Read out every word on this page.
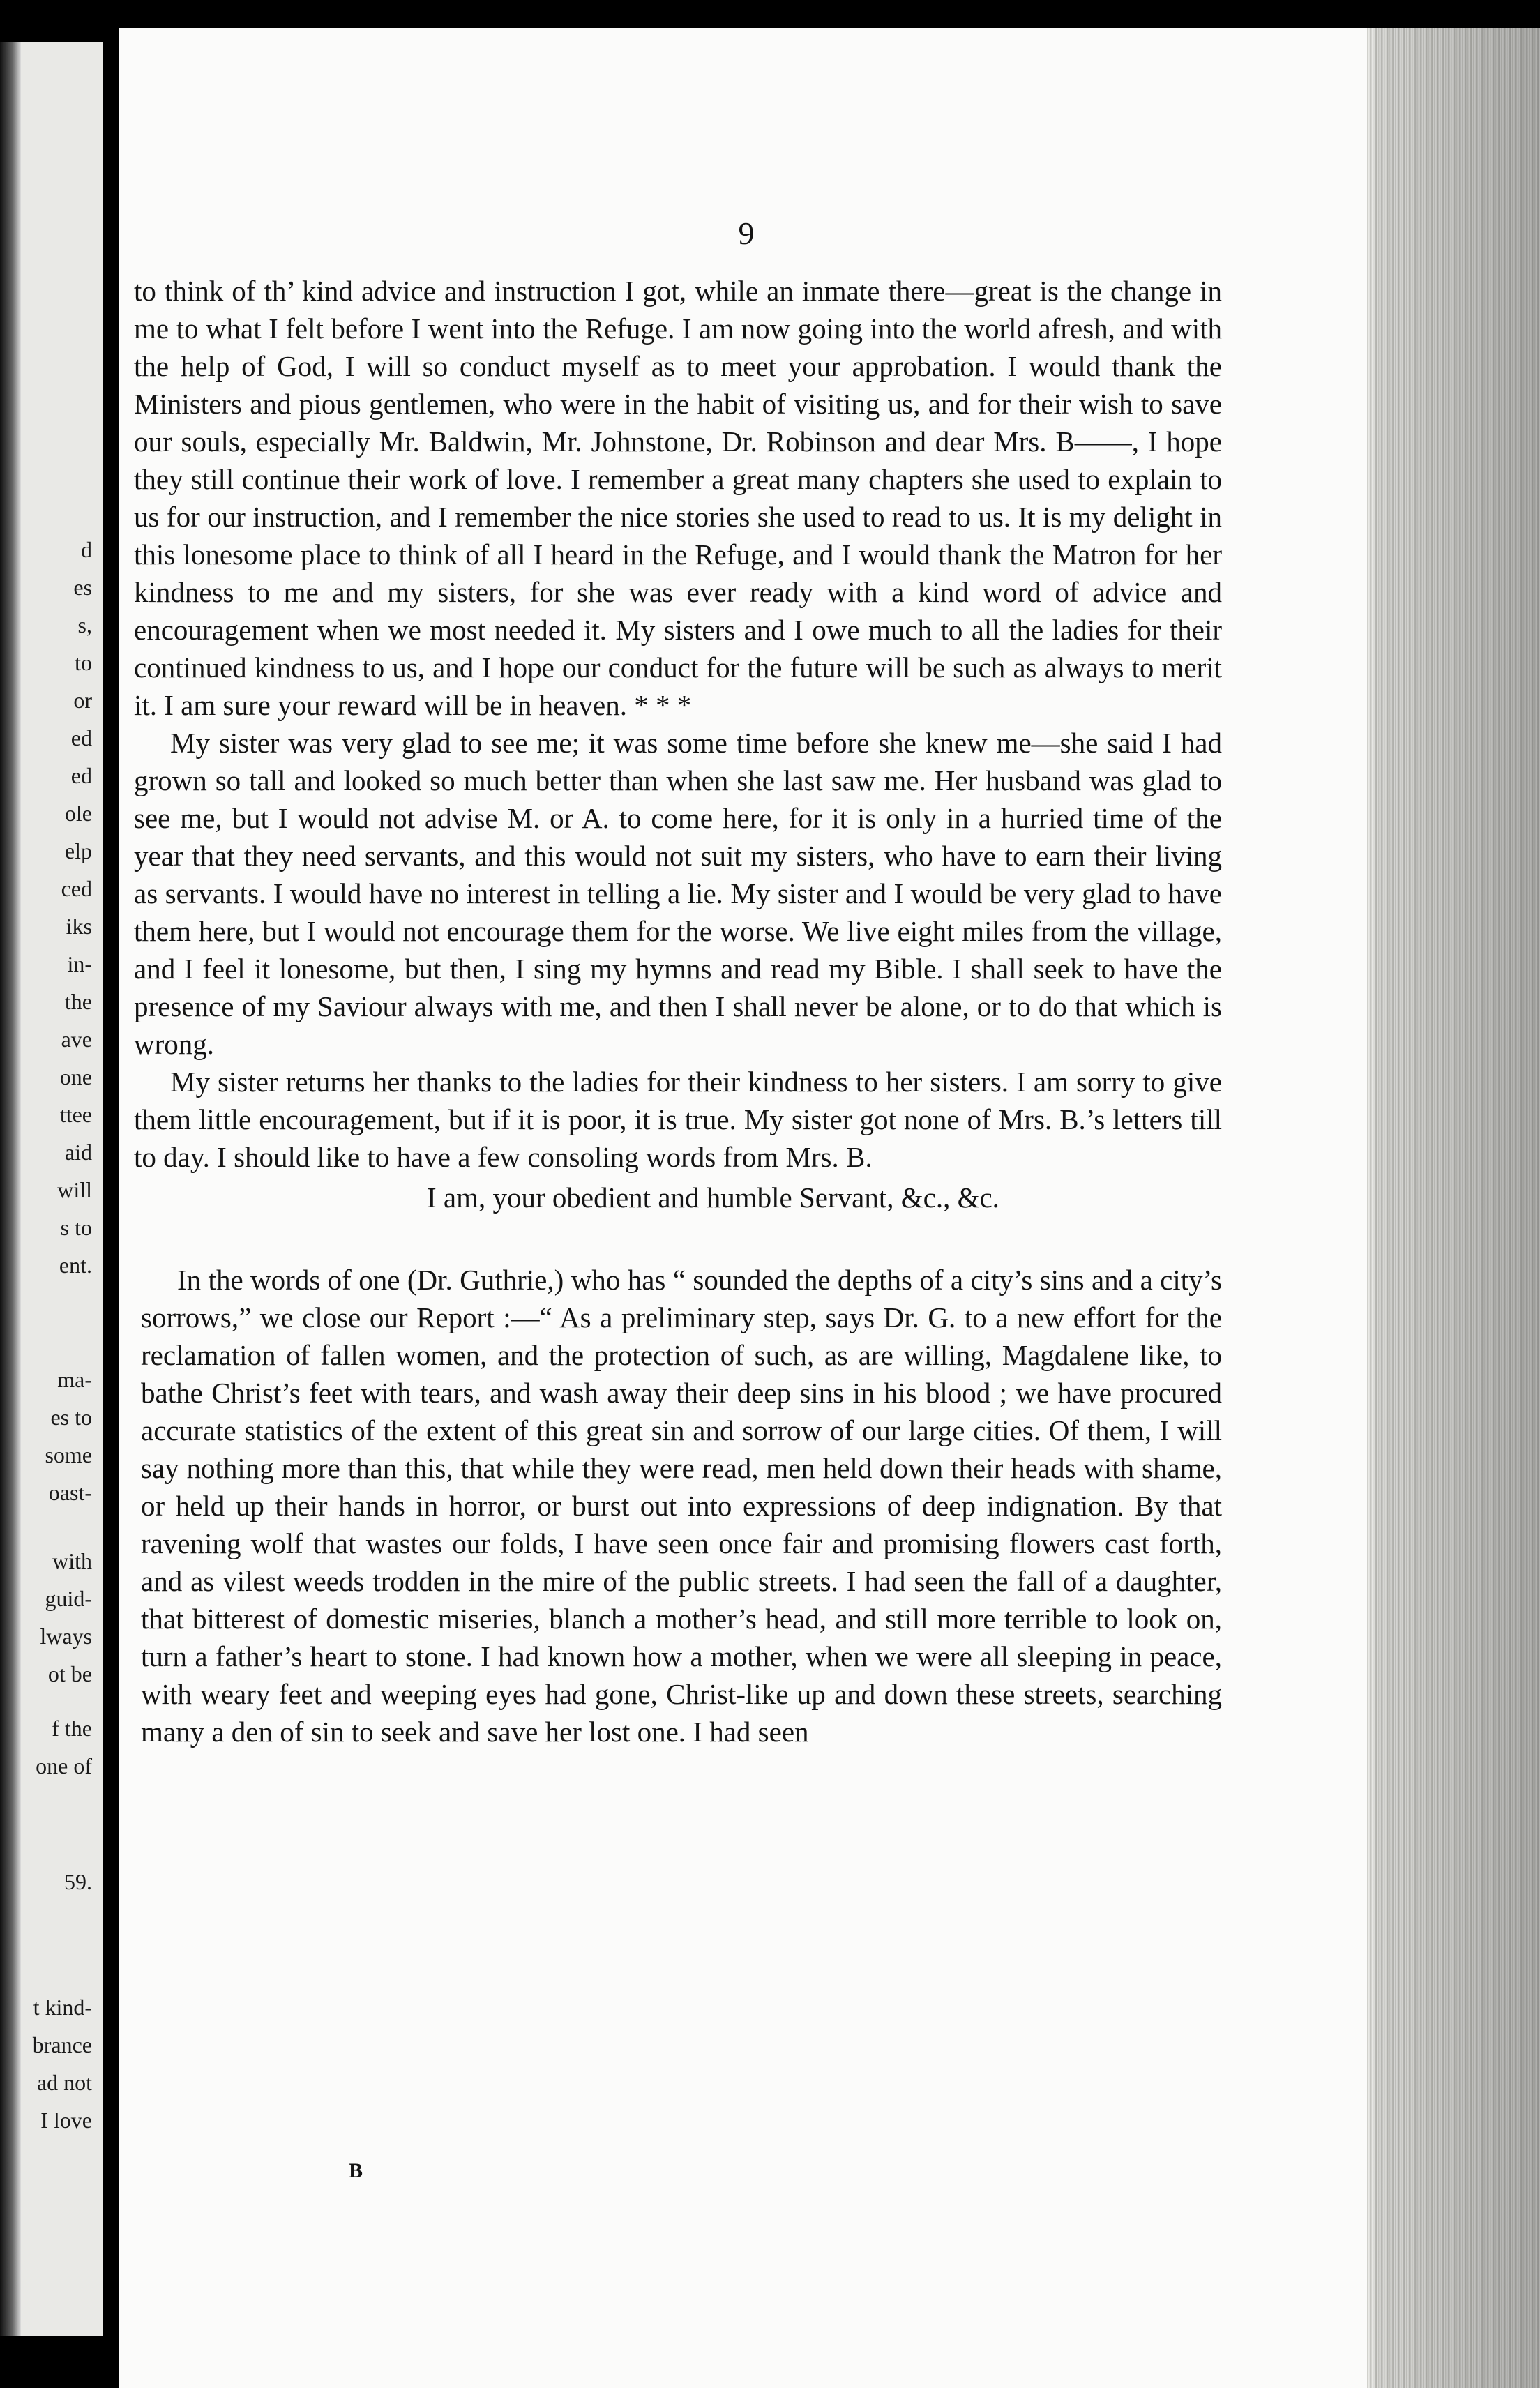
d
es
s,
to
or
ed
ed
ole
elp
ced
iks
in-
the
ave
one
ttee
aid
will
s to
ent.
ma-
es to
some
oast-
with
guid-
lways
ot be
f the
one of
59.
t kind-
brance
ad not
I love
9

to think of th’ kind advice and instruction I got, while an inmate there—great is the change in me to what I felt before I went into the Refuge. I am now going into the world afresh, and with the help of God, I will so conduct myself as to meet your approbation. I would thank the Ministers and pious gentlemen, who were in the habit of visiting us, and for their wish to save our souls, especially Mr. Baldwin, Mr. Johnstone, Dr. Robinson and dear Mrs. B——, I hope they still continue their work of love. I remember a great many chapters she used to explain to us for our instruction, and I remember the nice stories she used to read to us. It is my delight in this lonesome place to think of all I heard in the Refuge, and I would thank the Matron for her kindness to me and my sisters, for she was ever ready with a kind word of advice and encouragement when we most needed it. My sisters and I owe much to all the ladies for their continued kindness to us, and I hope our conduct for the future will be such as always to merit it. I am sure your reward will be in heaven. * * *

My sister was very glad to see me; it was some time before she knew me—she said I had grown so tall and looked so much better than when she last saw me. Her husband was glad to see me, but I would not advise M. or A. to come here, for it is only in a hurried time of the year that they need servants, and this would not suit my sisters, who have to earn their living as servants. I would have no interest in telling a lie. My sister and I would be very glad to have them here, but I would not encourage them for the worse. We live eight miles from the village, and I feel it lonesome, but then, I sing my hymns and read my Bible. I shall seek to have the presence of my Saviour always with me, and then I shall never be alone, or to do that which is wrong.

My sister returns her thanks to the ladies for their kindness to her sisters. I am sorry to give them little encouragement, but if it is poor, it is true. My sister got none of Mrs. B.’s letters till to day. I should like to have a few consoling words from Mrs. B.

I am, your obedient and humble Servant, &c., &c.

In the words of one (Dr. Guthrie,) who has “ sounded the depths of a city’s sins and a city’s sorrows,” we close our Report :—“ As a preliminary step, says Dr. G. to a new effort for the reclamation of fallen women, and the protection of such, as are willing, Magdalene like, to bathe Christ’s feet with tears, and wash away their deep sins in his blood ; we have procured accurate statistics of the extent of this great sin and sorrow of our large cities. Of them, I will say nothing more than this, that while they were read, men held down their heads with shame, or held up their hands in horror, or burst out into expressions of deep indignation. By that ravening wolf that wastes our folds, I have seen once fair and promising flowers cast forth, and as vilest weeds trodden in the mire of the public streets. I had seen the fall of a daughter, that bitterest of domestic miseries, blanch a mother’s head, and still more terrible to look on, turn a father’s heart to stone. I had known how a mother, when we were all sleeping in peace, with weary feet and weeping eyes had gone, Christ-like up and down these streets, searching many a den of sin to seek and save her lost one. I had seen

B
